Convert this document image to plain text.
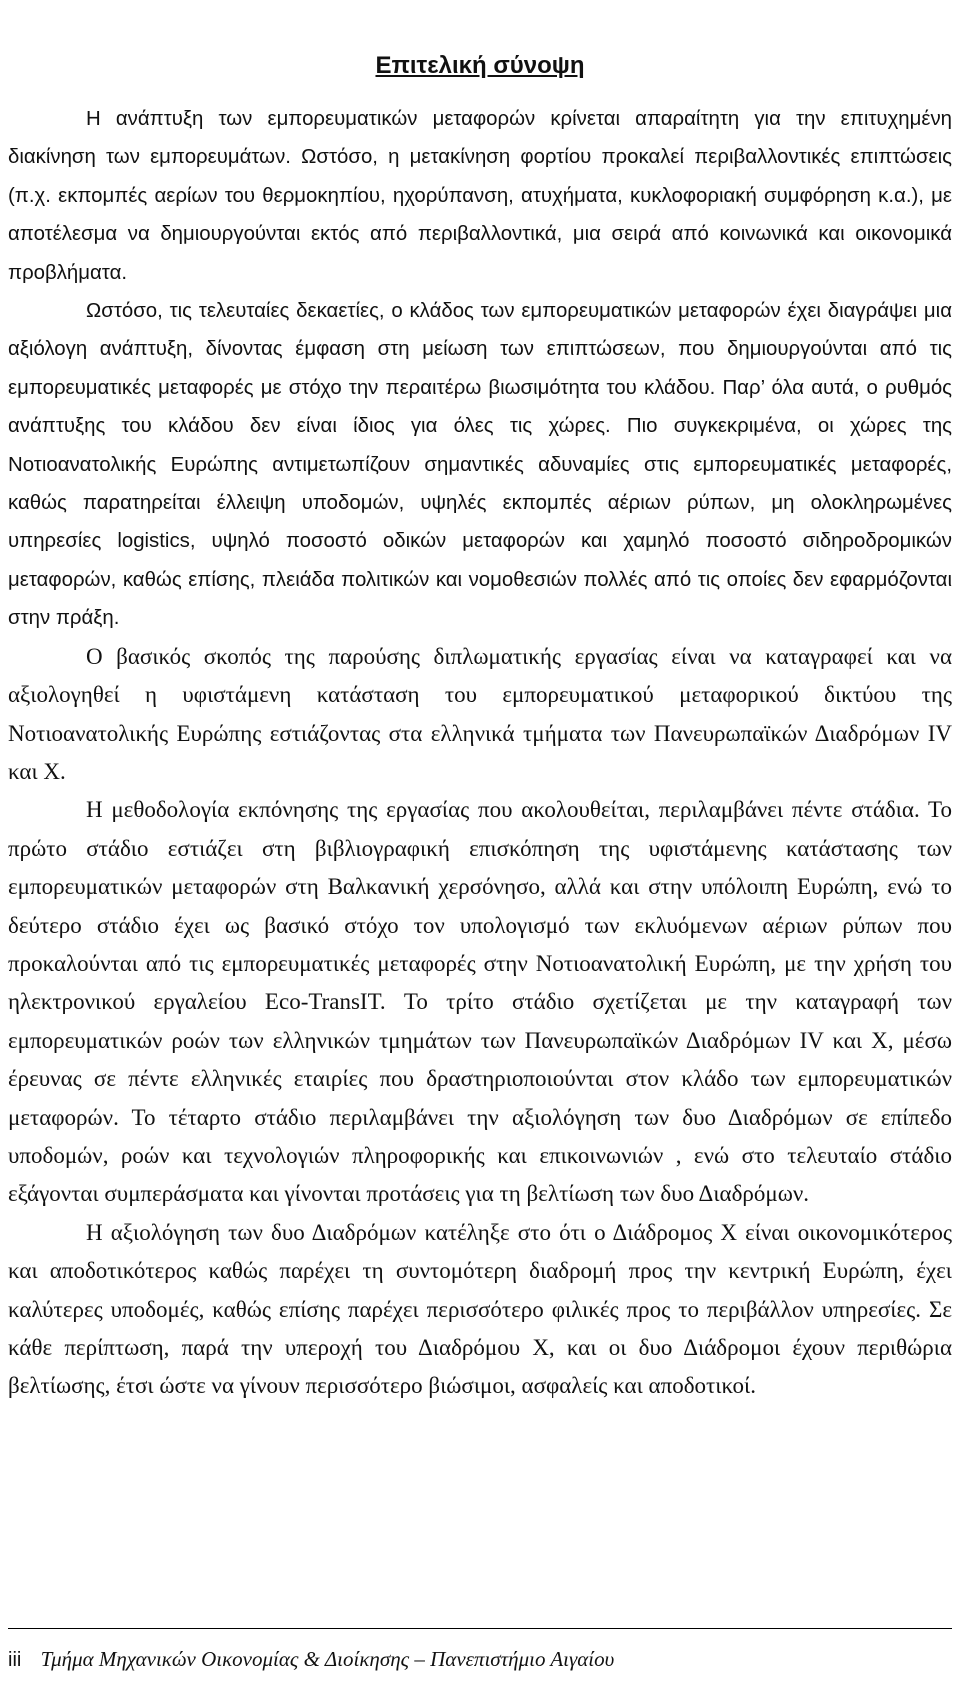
Επιτελική σύνοψη

Η ανάπτυξη των εμπορευματικών μεταφορών κρίνεται απαραίτητη για την επιτυχημένη διακίνηση των εμπορευμάτων. Ωστόσο, η μετακίνηση φορτίου προκαλεί περιβαλλοντικές επιπτώσεις (π.χ. εκπομπές αερίων του θερμοκηπίου, ηχορύπανση, ατυχήματα, κυκλοφοριακή συμφόρηση κ.α.), με αποτέλεσμα να δημιουργούνται εκτός από περιβαλλοντικά, μια σειρά από κοινωνικά και οικονομικά προβλήματα.

Ωστόσο, τις τελευταίες δεκαετίες, ο κλάδος των εμπορευματικών μεταφορών έχει διαγράψει μια αξιόλογη ανάπτυξη, δίνοντας έμφαση στη μείωση των επιπτώσεων, που δημιουργούνται από τις εμπορευματικές μεταφορές με στόχο την περαιτέρω βιωσιμότητα του κλάδου. Παρ’ όλα αυτά, ο ρυθμός ανάπτυξης του κλάδου δεν είναι ίδιος για όλες τις χώρες. Πιο συγκεκριμένα, οι χώρες της Νοτιοανατολικής Ευρώπης αντιμετωπίζουν σημαντικές αδυναμίες στις εμπορευματικές μεταφορές, καθώς παρατηρείται έλλειψη υποδομών, υψηλές εκπομπές αέριων ρύπων, μη ολοκληρωμένες υπηρεσίες logistics, υψηλό ποσοστό οδικών μεταφορών και χαμηλό ποσοστό σιδηροδρομικών μεταφορών, καθώς επίσης, πλειάδα πολιτικών και νομοθεσιών πολλές από τις οποίες δεν εφαρμόζονται στην πράξη.

Ο βασικός σκοπός της παρούσης διπλωματικής εργασίας είναι να καταγραφεί και να αξιολογηθεί η υφιστάμενη κατάσταση του εμπορευματικού μεταφορικού δικτύου της Νοτιοανατολικής Ευρώπης εστιάζοντας στα ελληνικά τμήματα των Πανευρωπαϊκών Διαδρόμων IV και X.

Η μεθοδολογία εκπόνησης της εργασίας που ακολουθείται, περιλαμβάνει πέντε στάδια. Το πρώτο στάδιο εστιάζει στη βιβλιογραφική επισκόπηση της υφιστάμενης κατάστασης των εμπορευματικών μεταφορών στη Βαλκανική χερσόνησο, αλλά και στην υπόλοιπη Ευρώπη, ενώ το δεύτερο στάδιο έχει ως βασικό στόχο τον υπολογισμό των εκλυόμενων αέριων ρύπων που προκαλούνται από τις εμπορευματικές μεταφορές στην Νοτιοανατολική Ευρώπη, με την χρήση του ηλεκτρονικού εργαλείου Eco-TransIT. Το τρίτο στάδιο σχετίζεται με την καταγραφή των εμπορευματικών ροών των ελληνικών τμημάτων των Πανευρωπαϊκών Διαδρόμων IV και X, μέσω έρευνας σε πέντε ελληνικές εταιρίες που δραστηριοποιούνται στον κλάδο των εμπορευματικών μεταφορών. Το τέταρτο στάδιο περιλαμβάνει την αξιολόγηση των δυο Διαδρόμων σε επίπεδο υποδομών, ροών και τεχνολογιών πληροφορικής και επικοινωνιών , ενώ στο τελευταίο στάδιο εξάγονται συμπεράσματα και γίνονται προτάσεις για τη βελτίωση των δυο Διαδρόμων.

Η αξιολόγηση των δυο Διαδρόμων κατέληξε στο ότι ο Διάδρομος X είναι οικονομικότερος και αποδοτικότερος καθώς παρέχει τη συντομότερη διαδρομή προς την κεντρική Ευρώπη, έχει καλύτερες υποδομές, καθώς επίσης παρέχει περισσότερο φιλικές προς το περιβάλλον υπηρεσίες. Σε κάθε περίπτωση, παρά την υπεροχή του Διαδρόμου X, και οι δυο Διάδρομοι έχουν περιθώρια βελτίωσης, έτσι ώστε να γίνουν περισσότερο βιώσιμοι, ασφαλείς και αποδοτικοί.

iii Τμήμα Μηχανικών Οικονομίας & Διοίκησης – Πανεπιστήμιο Αιγαίου
